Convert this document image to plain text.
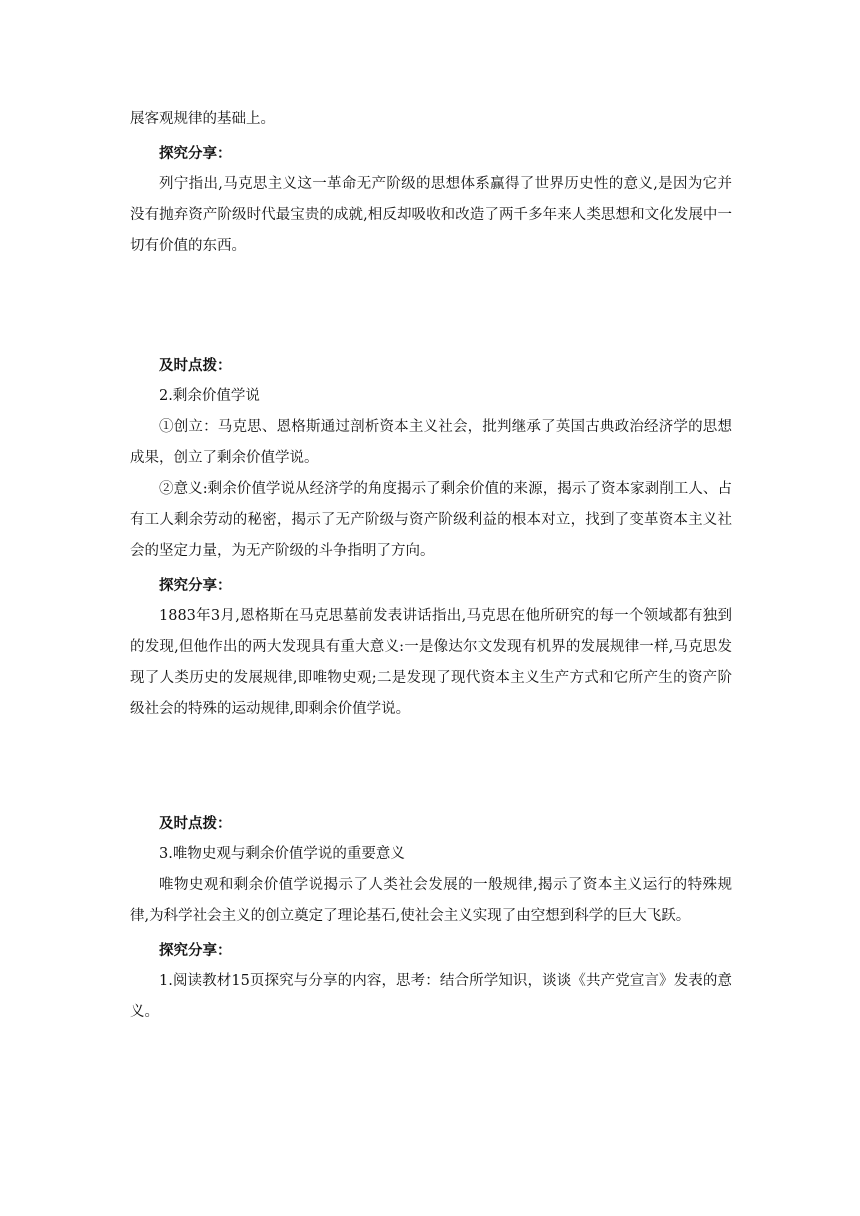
展客观规律的基础上。

探究分享：

列宁指出,马克思主义这一革命无产阶级的思想体系赢得了世界历史性的意义,是因为它并没有抛弃资产阶级时代最宝贵的成就,相反却吸收和改造了两千多年来人类思想和文化发展中一切有价值的东西。

及时点拨：

2.剩余价值学说

①创立：马克思、恩格斯通过剖析资本主义社会，批判继承了英国古典政治经济学的思想成果，创立了剩余价值学说。

②意义:剩余价值学说从经济学的角度揭示了剩余价值的来源，揭示了资本家剥削工人、占有工人剩余劳动的秘密，揭示了无产阶级与资产阶级利益的根本对立，找到了变革资本主义社会的坚定力量，为无产阶级的斗争指明了方向。

探究分享：

1883年3月,恩格斯在马克思墓前发表讲话指出,马克思在他所研究的每一个领域都有独到的发现,但他作出的两大发现具有重大意义:一是像达尔文发现有机界的发展规律一样,马克思发现了人类历史的发展规律,即唯物史观;二是发现了现代资本主义生产方式和它所产生的资产阶级社会的特殊的运动规律,即剩余价值学说。

及时点拨：

3.唯物史观与剩余价值学说的重要意义

唯物史观和剩余价值学说揭示了人类社会发展的一般规律,揭示了资本主义运行的特殊规律,为科学社会主义的创立奠定了理论基石,使社会主义实现了由空想到科学的巨大飞跃。

探究分享：

1.阅读教材15页探究与分享的内容，思考：结合所学知识，谈谈《共产党宣言》发表的意义。
